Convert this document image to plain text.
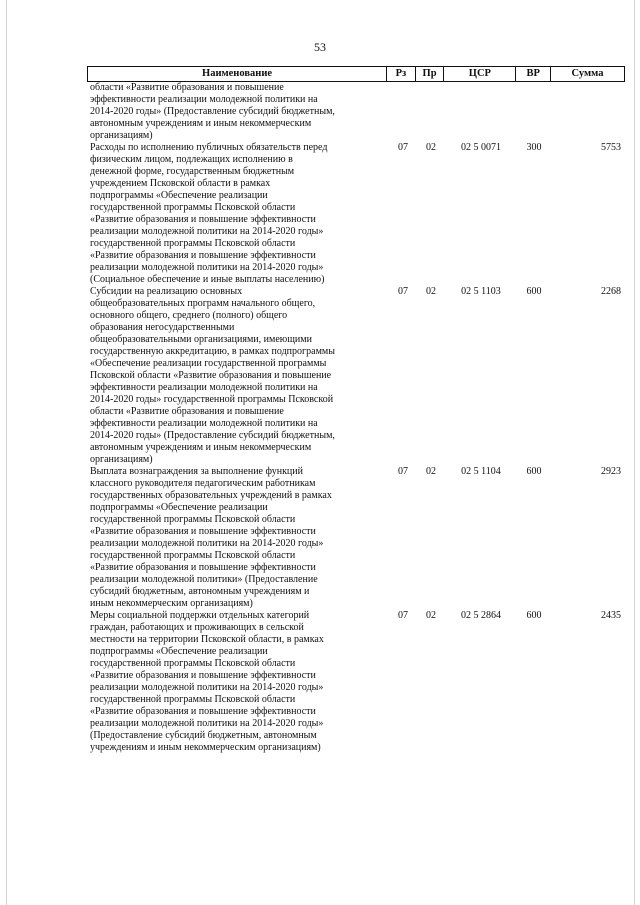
53
Наименование	Рз	Пр	ЦСР	ВР	Сумма
области «Развитие образования и повышение
эффективности реализации молодежной политики на
2014-2020 годы» (Предоставление субсидий бюджетным,
автономным учреждениям и иным некоммерческим
организациям)
Расходы по исполнению публичных обязательств перед
физическим лицом, подлежащих исполнению в
денежной форме, государственным бюджетным
учреждением Псковской области в рамках
подпрограммы «Обеспечение реализации
государственной программы Псковской области
«Развитие образования и повышение эффективности
реализации молодежной политики на 2014-2020 годы»
государственной программы Псковской области
«Развитие образования и повышение эффективности
реализации молодежной политики на 2014-2020 годы»
(Социальное обеспечение и иные выплаты населению)
07	02	02 5 0071	300	5753
Субсидии на реализацию основных
общеобразовательных программ начального общего,
основного общего, среднего (полного) общего
образования негосударственными
общеобразовательными организациями, имеющими
государственную аккредитацию, в рамках подпрограммы
«Обеспечение реализации государственной программы
Псковской области «Развитие образования и повышение
эффективности реализации молодежной политики на
2014-2020 годы» государственной программы Псковской
области «Развитие образования и повышение
эффективности реализации молодежной политики на
2014-2020 годы» (Предоставление субсидий бюджетным,
автономным учреждениям и иным некоммерческим
организациям)
07	02	02 5 1103	600	2268
Выплата вознаграждения за выполнение функций
классного руководителя педагогическим работникам
государственных образовательных учреждений в рамках
подпрограммы «Обеспечение реализации
государственной программы Псковской области
«Развитие образования и повышение эффективности
реализации молодежной политики на 2014-2020 годы»
государственной программы Псковской области
«Развитие образования и повышение эффективности
реализации молодежной политики» (Предоставление
субсидий бюджетным, автономным учреждениям и
иным некоммерческим организациям)
07	02	02 5 1104	600	2923
Меры социальной поддержки отдельных категорий
граждан, работающих и проживающих в сельской
местности на территории Псковской области, в рамках
подпрограммы «Обеспечение реализации
государственной программы Псковской области
«Развитие образования и повышение эффективности
реализации молодежной политики на 2014-2020 годы»
государственной программы Псковской области
«Развитие образования и повышение эффективности
реализации молодежной политики на 2014-2020 годы»
(Предоставление субсидий бюджетным, автономным
учреждениям и иным некоммерческим организациям)
07	02	02 5 2864	600	2435
